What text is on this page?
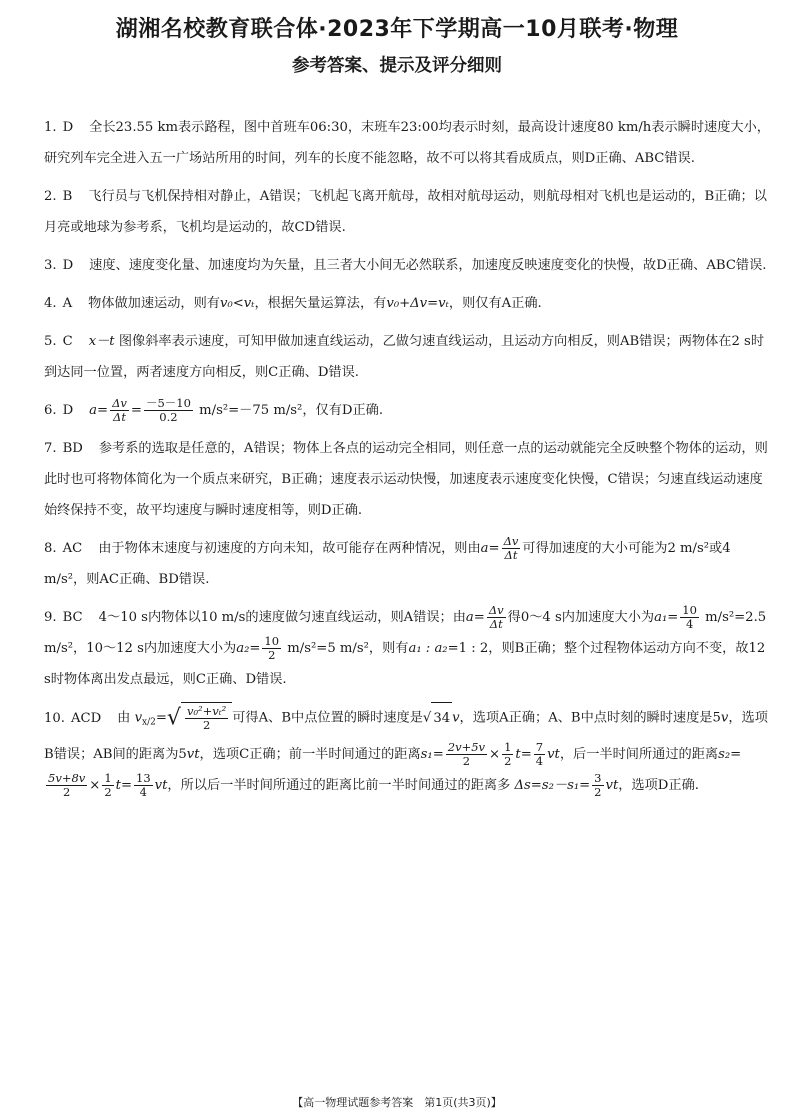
湖湘名校教育联合体·2023年下学期高一10月联考·物理
参考答案、提示及评分细则
1. D 全长23.55 km表示路程，图中首班车06:30，末班车23:00均表示时刻，最高设计速度80 km/h表示瞬时速度大小，研究列车完全进入五一广场站所用的时间，列车的长度不能忽略，故不可以将其看成质点，则D正确、ABC错误.
2. B 飞行员与飞机保持相对静止，A错误；飞机起飞离开航母，故相对航母运动，则航母相对飞机也是运动的，B正确；以月亮或地球为参考系，飞机均是运动的，故CD错误.
3. D 速度、速度变化量、加速度均为矢量，且三者大小间无必然联系，加速度反映速度变化的快慢，故D正确、ABC错误.
4. A 物体做加速运动，则有v₀<vₜ，根据矢量运算法，有v₀+Δv=vₜ，则仅有A正确.
5. C x－t 图像斜率表示速度，可知甲做加速直线运动，乙做匀速直线运动，且运动方向相反，则AB错误；两物体在2 s时到达同一位置，两者速度方向相反，则C正确、D错误.
6. D $a= \frac{\Delta v}{\Delta t} = \frac{-5-10}{0.2} m/s^2=-75$ m/s²，仅有D正确.
7. BD 参考系的选取是任意的，A错误；物体上各点的运动完全相同，则任意一点的运动就能完全反映整个物体的运动，则此时也可将物体简化为一个质点来研究，B正确；速度表示运动快慢，加速度表示速度变化快慢，C错误；匀速直线运动速度始终保持不变，故平均速度与瞬时速度相等，则D正确.
8. AC 由于物体末速度与初速度的方向未知，故可能存在两种情况，则由$a= \frac{\Delta v}{\Delta t}$ 可得加速度的大小可能为2 m/s²或4 m/s²，则AC正确、BD错误.
9. BC 4～10 s内物体以10 m/s的速度做匀速直线运动，则A错误；由$a= \frac{\Delta v}{\Delta t}$ 得0～4 s内加速度大小为$a_1= \frac{10}{4} m/s^2=2.5$ m/s²，10～12 s内加速度大小为$a_2= \frac{10}{2} m/s^2=5$ m/s²，则有a₁ : a₂=1 : 2，则B正确；整个过程物体运动方向不变，故12 s时物体离出发点最远，则C正确、D错误.
10. ACD 由 $v_{x/2}=√ \frac{\text{v₀²+vₜ²}}{2}$ 可得A、B中点位置的瞬时速度是√ 34 v，选项A正确；A、B中点时刻的瞬时速度是5v，选项B错误；AB间的距离为5vt，选项C正确；前一半时间通过的距离$s_1= \frac{2v+5v}{2} \times \frac{1}{2} t= \frac{7}{4}$ vt，后一半时间所通过的距离s₂=
$\frac{5v+8v}{2} \times \frac{1}{2} t= \frac{13}{4}$ vt，所以后一半时间所通过的距离比前一半时间通过的距离多 $\Delta s=s_2-s_1= \frac{3}{2}$ vt，选项D正确.
【高一物理试题参考答案　第1页(共3页)】
